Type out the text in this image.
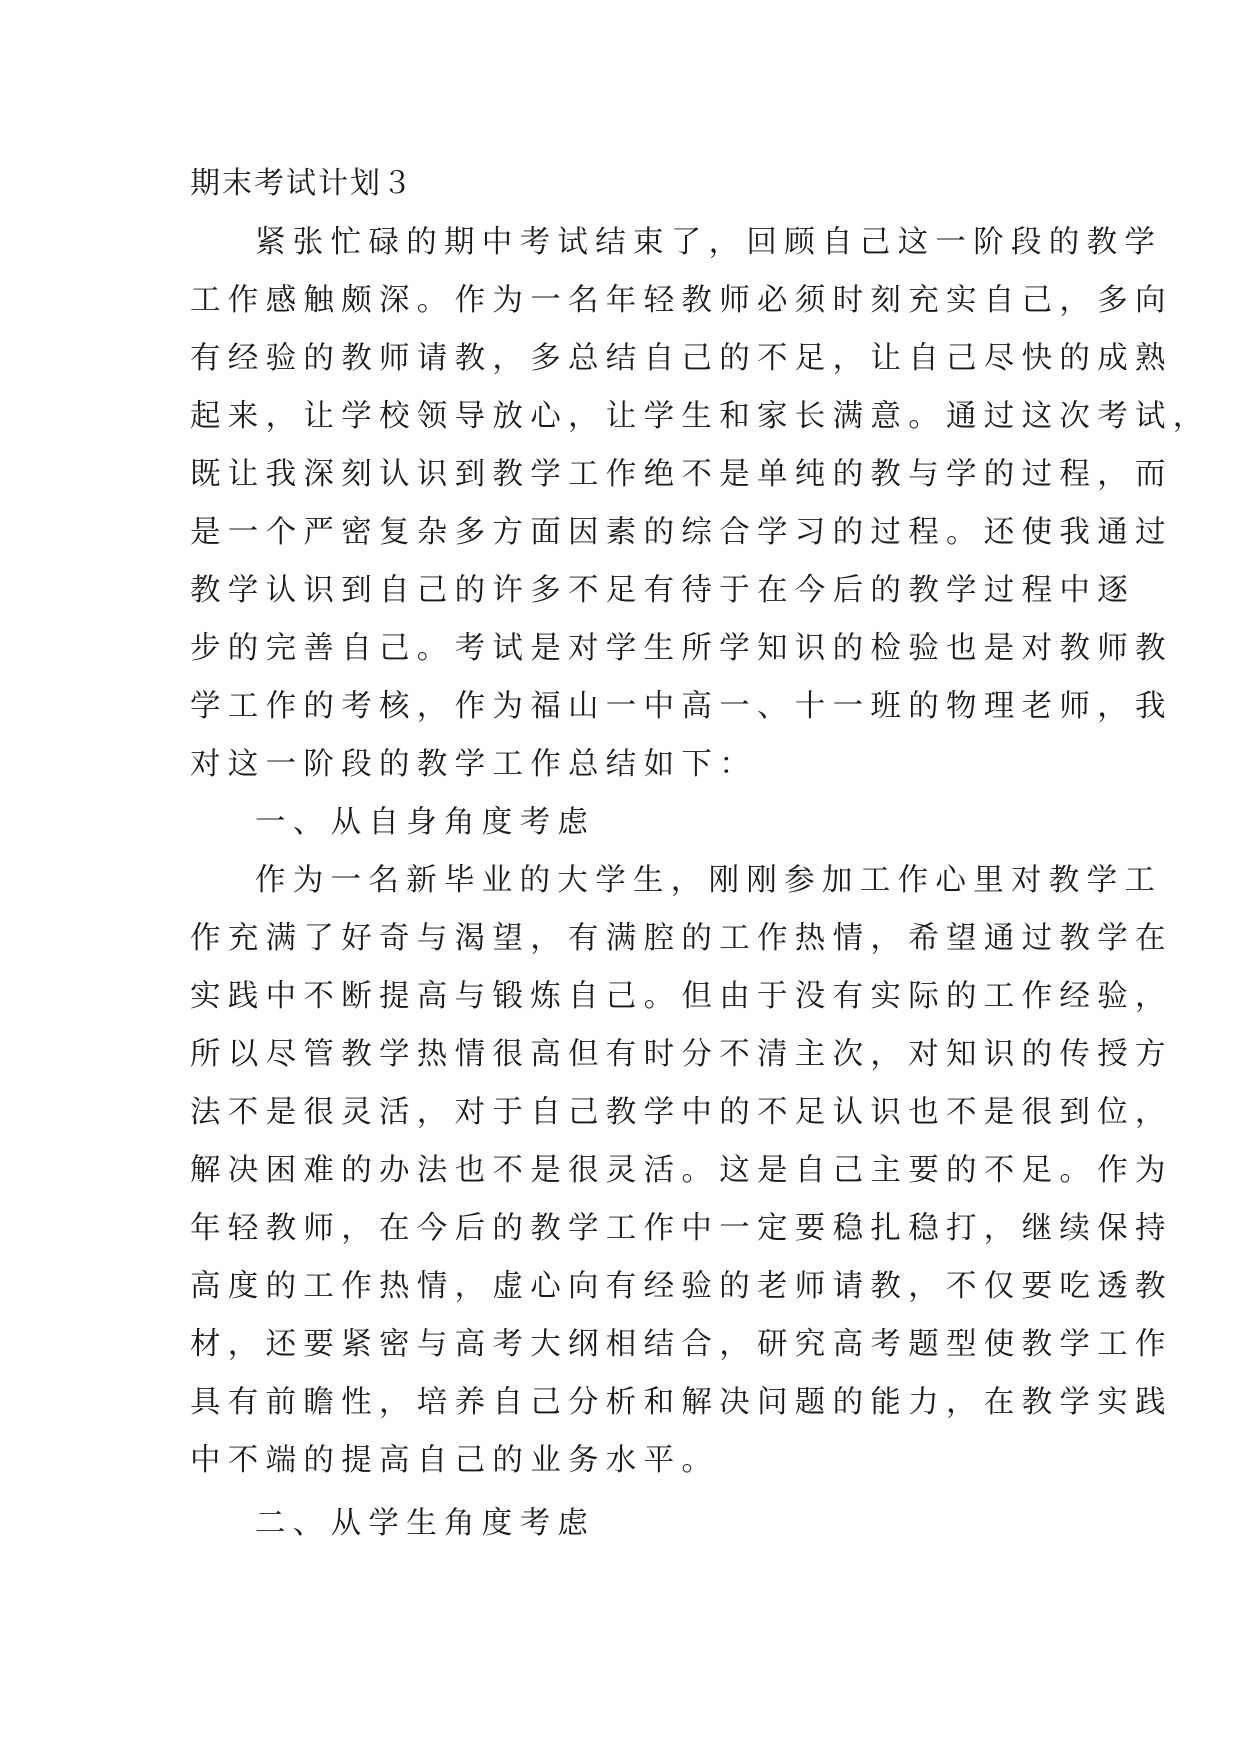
期末考试计划３
紧张忙碌的期中考试结束了，回顾自己这一阶段的教学
工作感触颇深。作为一名年轻教师必须时刻充实自己，多向
有经验的教师请教，多总结自己的不足，让自己尽快的成熟
起来，让学校领导放心，让学生和家长满意。通过这次考试，
既让我深刻认识到教学工作绝不是单纯的教与学的过程，而
是一个严密复杂多方面因素的综合学习的过程。还使我通过
教学认识到自己的许多不足有待于在今后的教学过程中逐
步的完善自己。考试是对学生所学知识的检验也是对教师教
学工作的考核，作为福山一中高一、十一班的物理老师，我
对这一阶段的教学工作总结如下：
一、从自身角度考虑
作为一名新毕业的大学生，刚刚参加工作心里对教学工
作充满了好奇与渴望，有满腔的工作热情，希望通过教学在
实践中不断提高与锻炼自己。但由于没有实际的工作经验，
所以尽管教学热情很高但有时分不清主次，对知识的传授方
法不是很灵活，对于自己教学中的不足认识也不是很到位，
解决困难的办法也不是很灵活。这是自己主要的不足。作为
年轻教师，在今后的教学工作中一定要稳扎稳打，继续保持
高度的工作热情，虚心向有经验的老师请教，不仅要吃透教
材，还要紧密与高考大纲相结合，研究高考题型使教学工作
具有前瞻性，培养自己分析和解决问题的能力，在教学实践
中不端的提高自己的业务水平。
二、从学生角度考虑
